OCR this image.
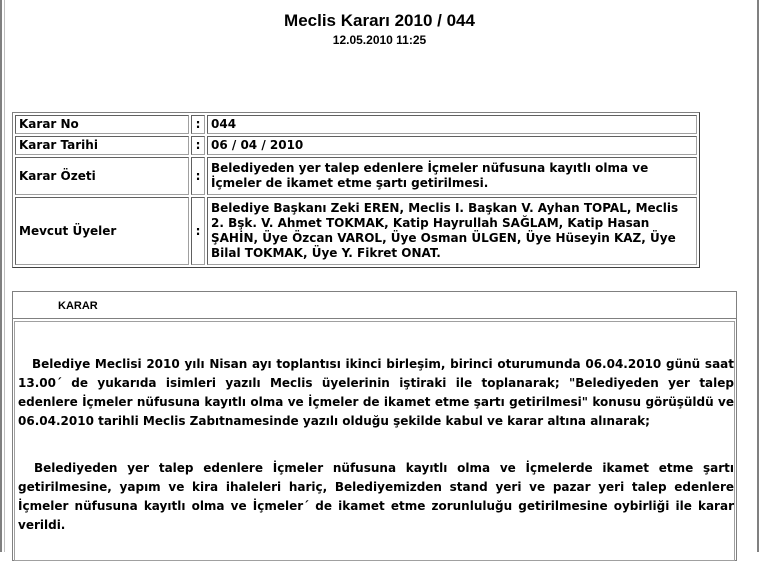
Meclis Kararı 2010 / 044
12.05.2010 11:25
Karar No	:	044
Karar Tarihi	:	06 / 04 / 2010
Karar Özeti	:	Belediyeden yer talep edenlere İçmeler nüfusuna kayıtlı olma ve İçmeler de ikamet etme şartı getirilmesi.
Mevcut Üyeler	:	Belediye Başkanı Zeki EREN, Meclis I. Başkan V. Ayhan TOPAL, Meclis 2. Bşk. V. Ahmet TOKMAK, Katip Hayrullah SAĞLAM, Katip Hasan ŞAHİN, Üye Özcan VAROL, Üye Osman ÜLGEN, Üye Hüseyin KAZ, Üye Bilal TOKMAK, Üye Y. Fikret ONAT.
KARAR
Belediye Meclisi 2010 yılı Nisan ayı toplantısı ikinci birleşim, birinci oturumunda 06.04.2010 günü saat 13.00´ de yukarıda isimleri yazılı Meclis üyelerinin iştiraki ile toplanarak; "Belediyeden yer talep edenlere İçmeler nüfusuna kayıtlı olma ve İçmeler de ikamet etme şartı getirilmesi" konusu görüşüldü ve 06.04.2010 tarihli Meclis Zabıtnamesinde yazılı olduğu şekilde kabul ve karar altına alınarak;
Belediyeden yer talep edenlere İçmeler nüfusuna kayıtlı olma ve İçmelerde ikamet etme şartı getirilmesine, yapım ve kira ihaleleri hariç, Belediyemizden stand yeri ve pazar yeri talep edenlere İçmeler nüfusuna kayıtlı olma ve İçmeler´ de ikamet etme zorunluluğu getirilmesine oybirliği ile karar verildi.
